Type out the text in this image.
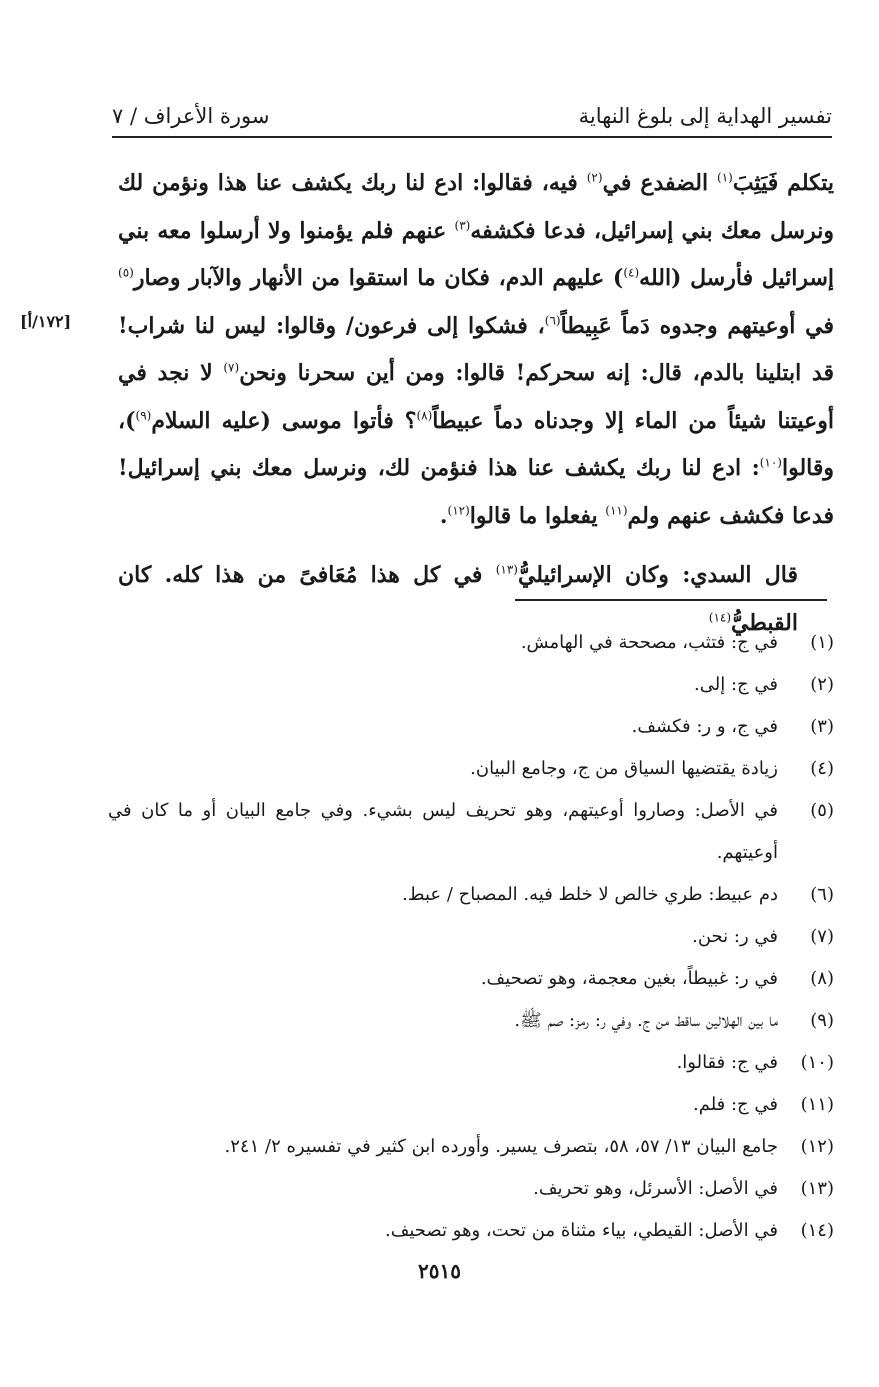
تفسير الهداية إلى بلوغ النهاية
سورة الأعراف / ٧
[١٧٢/أ]

يتكلم فَيَثِبَ$^{(١)}$ الضفدع في$^{(٢)}$ فيه، فقالوا: ادع لنا ربك يكشف عنا هذا ونؤمن لك ونرسل معك بني إسرائيل، فدعا فكشفه$^{(٣)}$ عنهم فلم يؤمنوا ولا أرسلوا معه بني إسرائيل فأرسل (الله$^{(٤)}$) عليهم الدم، فكان ما استقوا من الأنهار والآبار وصار$^{(٥)}$ في أوعيتهم وجدوه دَماً عَبِيطاً$^{(٦)}$، فشكوا إلى فرعون/ وقالوا: ليس لنا شراب! قد ابتلينا بالدم، قال: إنه سحركم! قالوا: ومن أين سحرنا ونحن$^{(٧)}$ لا نجد في أوعيتنا شيئاً من الماء إلا وجدناه دماً عبيطاً$^{(٨)}$؟ فأتوا موسى (عليه السلام$^{(٩)}$)، وقالوا$^{(١٠)}$: ادع لنا ربك يكشف عنا هذا فنؤمن لك، ونرسل معك بني إسرائيل! فدعا فكشف عنهم ولم$^{(١١)}$ يفعلوا ما قالوا$^{(١٢)}$.

قال السدي: وكان الإسرائيليُّ$^{(١٣)}$ في كل هذا مُعَافىً من هذا كله. كان القبطيُّ$^{(١٤)}$

(١)
في ج: فتثب، مصححة في الهامش.
(٢)
في ج: إلى.
(٣)
في ج، و ر: فكشف.
(٤)
زيادة يقتضيها السياق من ج، وجامع البيان.
(٥)
في الأصل: وصاروا أوعيتهم، وهو تحريف ليس بشيء. وفي جامع البيان أو ما كان في أوعيتهم.
(٦)
دم عبيط: طري خالص لا خلط فيه. المصباح / عبط.
(٧)
في ر: نحن.
(٨)
في ر: غبيطاً، بغين معجمة، وهو تصحيف.
(٩)
ما بين الهلالين ساقط من ج. وفي ر: رمز: صم ﷺ.
(١٠)
في ج: فقالوا.
(١١)
في ج: فلم.
(١٢)
جامع البيان ١٣/ ٥٧، ٥٨، بتصرف يسير. وأورده ابن كثير في تفسيره ٢/ ٢٤١.
(١٣)
في الأصل: الأسرئل، وهو تحريف.
(١٤)
في الأصل: القيطي، بياء مثناة من تحت، وهو تصحيف.
٢٥١٥
